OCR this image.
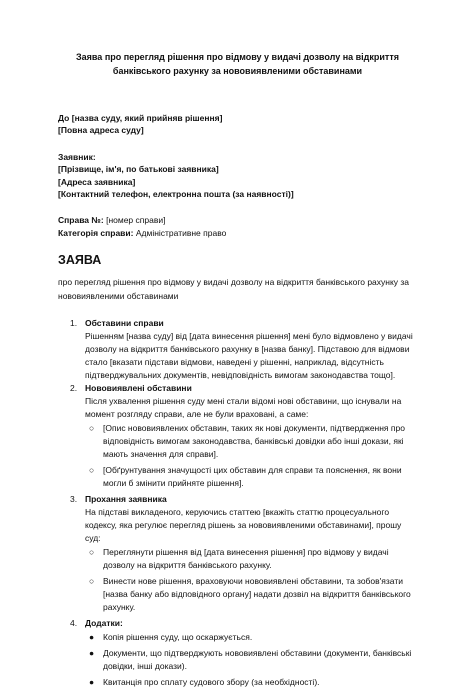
Заява про перегляд рішення про відмову у видачі дозволу на відкриття банківського рахунку за нововиявленими обставинами
До [назва суду, який прийняв рішення]
[Повна адреса суду]
Заявник:
[Прізвище, ім'я, по батькові заявника]
[Адреса заявника]
[Контактний телефон, електронна пошта (за наявності)]
Справа №: [номер справи]
Категорія справи: Адміністративне право
ЗАЯВА
про перегляд рішення про відмову у видачі дозволу на відкриття банківського рахунку за нововиявленими обставинами
1. Обставини справи
Рішенням [назва суду] від [дата винесення рішення] мені було відмовлено у видачі дозволу на відкриття банківського рахунку в [назва банку]. Підставою для відмови стало [вказати підстави відмови, наведені у рішенні, наприклад, відсутність підтверджувальних документів, невідповідність вимогам законодавства тощо].
2. Нововиявлені обставини
Після ухвалення рішення суду мені стали відомі нові обставини, що існували на момент розгляду справи, але не були враховані, а саме:
○ [Опис нововиявлених обставин, таких як нові документи, підтвердження про відповідність вимогам законодавства, банківські довідки або інші докази, які мають значення для справи].
○ [Обґрунтування значущості цих обставин для справи та пояснення, як вони могли б змінити прийняте рішення].
3. Прохання заявника
На підставі викладеного, керуючись статтею [вкажіть статтю процесуального кодексу, яка регулює перегляд рішень за нововиявленими обставинами], прошу суд:
○ Переглянути рішення від [дата винесення рішення] про відмову у видачі дозволу на відкриття банківського рахунку.
○ Винести нове рішення, враховуючи нововиявлені обставини, та зобов'язати [назва банку або відповідного органу] надати дозвіл на відкриття банківського рахунку.
4. Додатки:
● Копія рішення суду, що оскаржується.
● Документи, що підтверджують нововиявлені обставини (документи, банківські довідки, інші докази).
● Квитанція про сплату судового збору (за необхідності).
